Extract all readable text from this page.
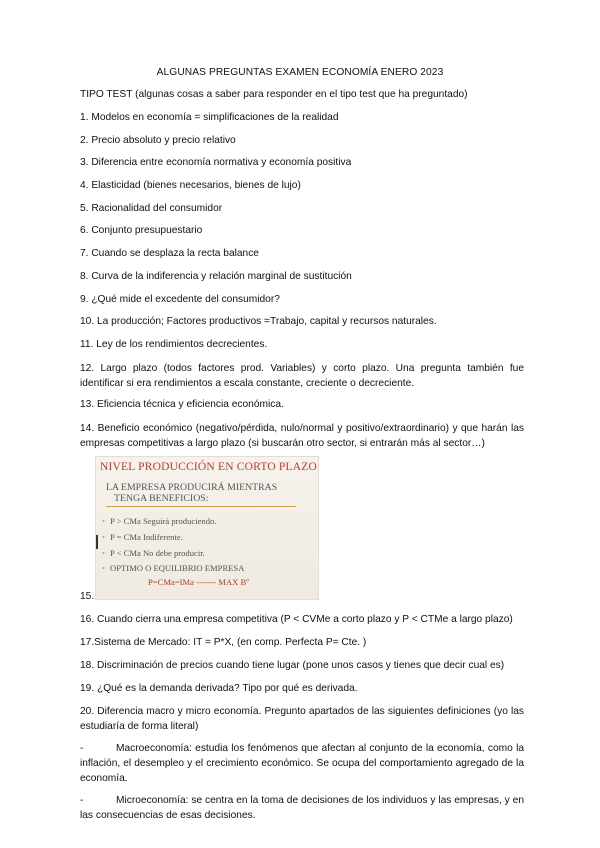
ALGUNAS PREGUNTAS EXAMEN ECONOMÍA ENERO 2023
TIPO TEST (algunas cosas a saber para responder en el tipo test que ha preguntado)
1. Modelos en economía = simplificaciones de la realidad
2. Precio absoluto y precio relativo
3. Diferencia entre economía normativa y economía positiva
4. Elasticidad (bienes necesarios, bienes de lujo)
5. Racionalidad del consumidor
6. Conjunto presupuestario
7. Cuando se desplaza la recta balance
8. Curva de la indiferencia y relación marginal de sustitución
9. ¿Qué mide el excedente del consumidor?
10. La producción; Factores productivos =Trabajo, capital y recursos naturales.
11. Ley de los rendimientos decrecientes.
12. Largo plazo (todos factores prod. Variables) y corto plazo. Una pregunta también fue identificar si era rendimientos a escala constante, creciente o decreciente.
13. Eficiencia técnica y eficiencia económica.
14. Beneficio económico (negativo/pérdida, nulo/normal y positivo/extraordinario) y que harán las empresas competitivas a largo plazo (si buscarán otro sector, si entrarán más al sector…)
NIVEL PRODUCCIÓN EN CORTO PLAZO
LA EMPRESA PRODUCIRÁ MIENTRAS
TENGA BENEFICIOS:
• P > CMa Seguirá produciendo.
• P = CMa Indiferente.
• P < CMa No debe producir.
• OPTIMO O EQUILIBRIO EMPRESA
P=CMa=IMa ------- MAX Bº
15.
16. Cuando cierra una empresa competitiva (P < CVMe a corto plazo y P < CTMe a largo plazo)
17.Sistema de Mercado: IT = P*X, (en comp. Perfecta P= Cte. )
18. Discriminación de precios cuando tiene lugar (pone unos casos y tienes que decir cual es)
19. ¿Qué es la demanda derivada? Tipo por qué es derivada.
20. Diferencia macro y micro economía. Pregunto apartados de las siguientes definiciones (yo las estudiaría de forma literal)
-	Macroeconomía: estudia los fenómenos que afectan al conjunto de la economía, como la inflación, el desempleo y el crecimiento económico. Se ocupa del comportamiento agregado de la economía.
-	Microeconomía: se centra en la toma de decisiones de los individuos y las empresas, y en las consecuencias de esas decisiones.
